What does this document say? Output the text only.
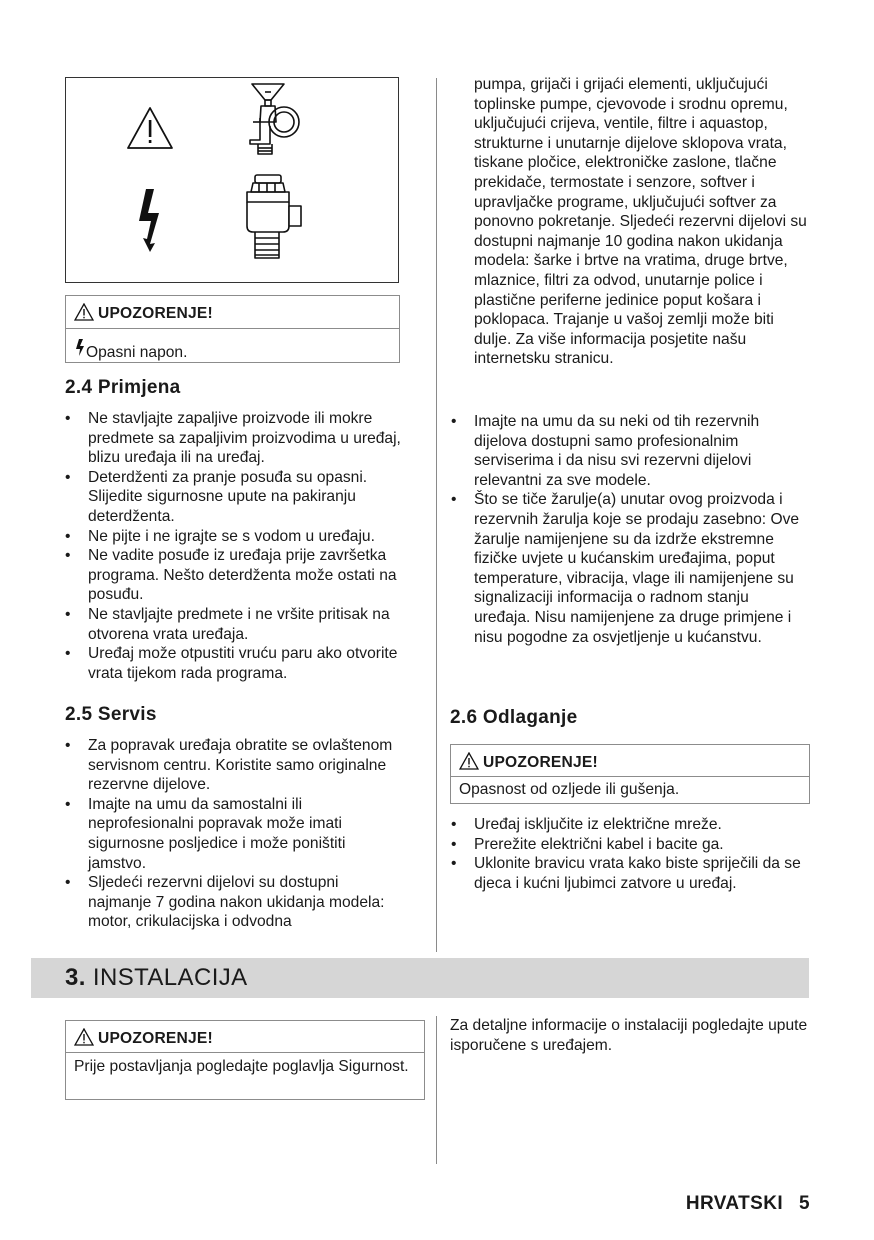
UPOZORENJE!
Opasni napon.
2.4 Primjena
• Ne stavljajte zapaljive proizvode ili mokre predmete sa zapaljivim proizvodima u uređaj, blizu uređaja ili na uređaj.
• Deterdženti za pranje posuđa su opasni. Slijedite sigurnosne upute na pakiranju deterdženta.
• Ne pijte i ne igrajte se s vodom u uređaju.
• Ne vadite posuđe iz uređaja prije završetka programa. Nešto deterdženta može ostati na posuđu.
• Ne stavljajte predmete i ne vršite pritisak na otvorena vrata uređaja.
• Uređaj može otpustiti vruću paru ako otvorite vrata tijekom rada programa.
2.5 Servis
• Za popravak uređaja obratite se ovlaštenom servisnom centru. Koristite samo originalne rezervne dijelove.
• Imajte na umu da samostalni ili neprofesionalni popravak može imati sigurnosne posljedice i može poništiti jamstvo.
• Sljedeći rezervni dijelovi su dostupni najmanje 7 godina nakon ukidanja modela: motor, crikulacijska i odvodna
pumpa, grijači i grijaći elementi, uključujući toplinske pumpe, cjevovode i srodnu opremu, uključujući crijeva, ventile, filtre i aquastop, strukturne i unutarnje dijelove sklopova vrata, tiskane pločice, elektroničke zaslone, tlačne prekidače, termostate i senzore, softver i upravljačke programe, uključujući softver za ponovno pokretanje. Sljedeći rezervni dijelovi su dostupni najmanje 10 godina nakon ukidanja modela: šarke i brtve na vratima, druge brtve, mlaznice, filtri za odvod, unutarnje police i plastične periferne jedinice poput košara i poklopaca. Trajanje u vašoj zemlji može biti dulje. Za više informacija posjetite našu internetsku stranicu.
• Imajte na umu da su neki od tih rezervnih dijelova dostupni samo profesionalnim serviserima i da nisu svi rezervni dijelovi relevantni za sve modele.
• Što se tiče žarulje(a) unutar ovog proizvoda i rezervnih žarulja koje se prodaju zasebno: Ove žarulje namijenjene su da izdrže ekstremne fizičke uvjete u kućanskim uređajima, poput temperature, vibracija, vlage ili namijenjene su signalizaciji informacija o radnom stanju uređaja. Nisu namijenjene za druge primjene i nisu pogodne za osvjetljenje u kućanstvu.
2.6 Odlaganje
UPOZORENJE!
Opasnost od ozljede ili gušenja.
• Uređaj isključite iz električne mreže.
• Prerežite električni kabel i bacite ga.
• Uklonite bravicu vrata kako biste spriječili da se djeca i kućni ljubimci zatvore u uređaj.
3. INSTALACIJA
UPOZORENJE!
Prije postavljanja pogledajte poglavlja Sigurnost.
Za detaljne informacije o instalaciji pogledajte upute isporučene s uređajem.
HRVATSKI 5
